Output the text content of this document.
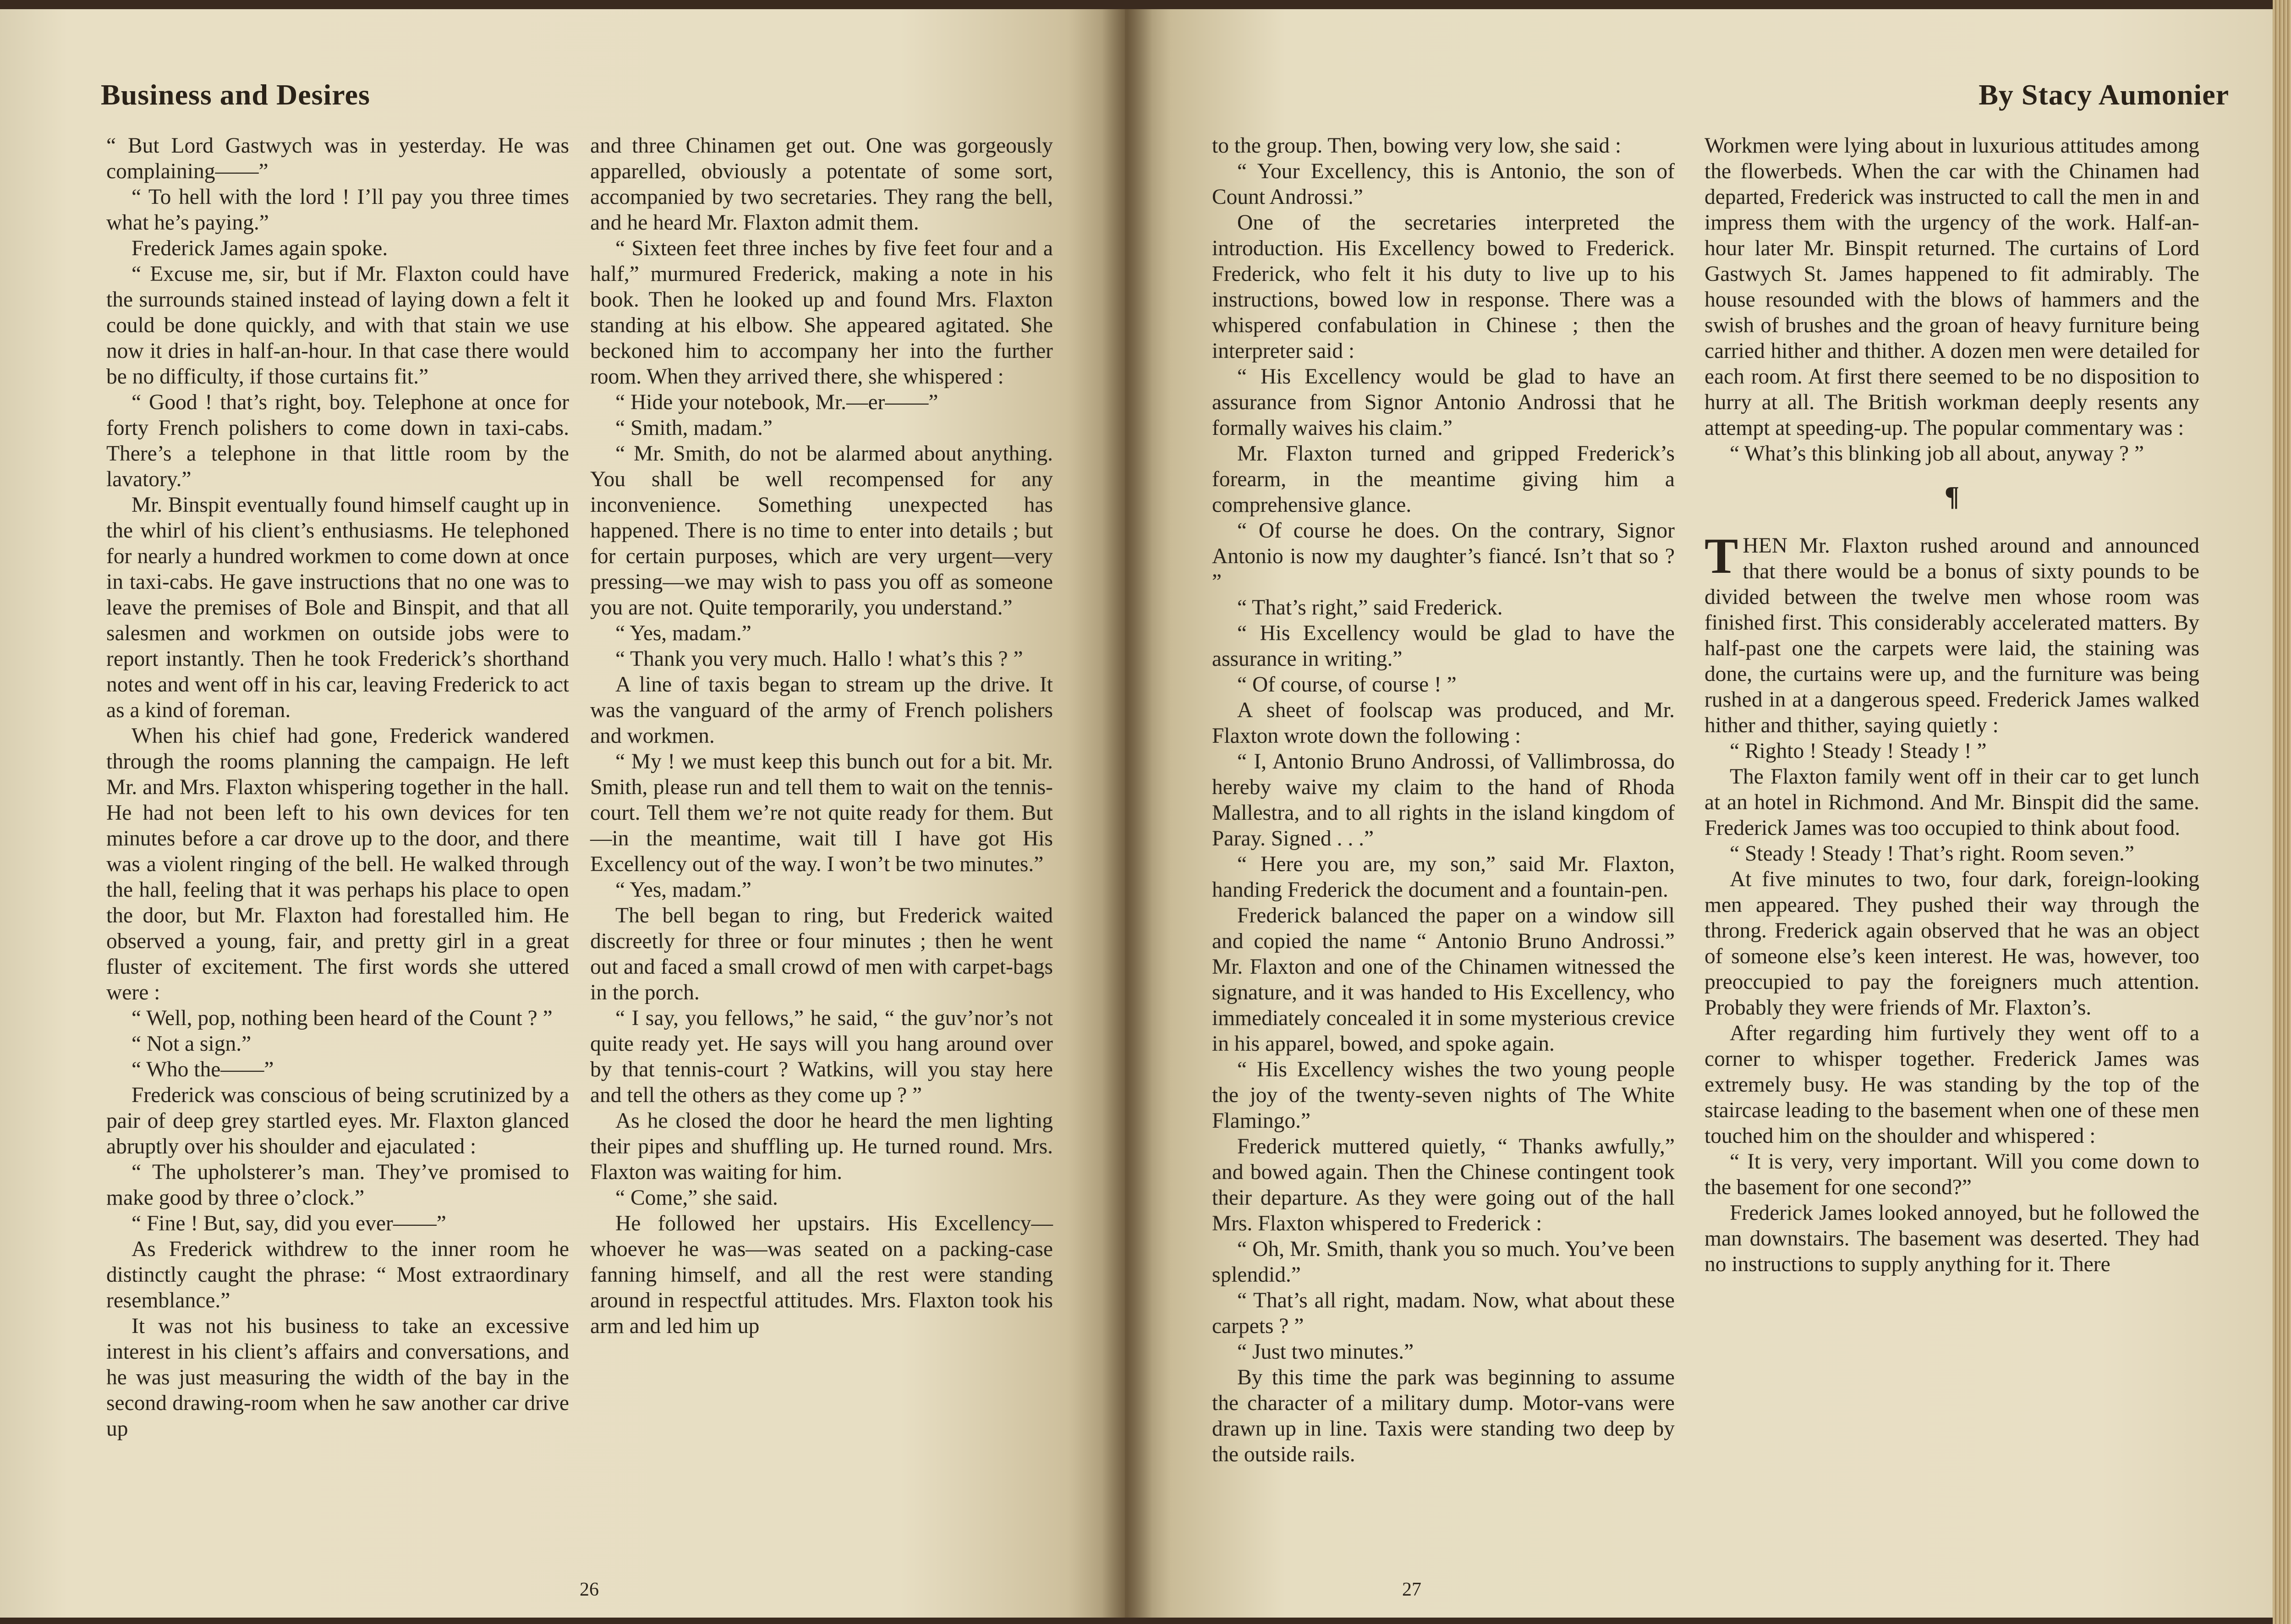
Business and Desires

“ But Lord Gastwych was in yesterday. He was complaining——”

“ To hell with the lord ! I’ll pay you three times what he’s paying.”

Frederick James again spoke.

“ Excuse me, sir, but if Mr. Flaxton could have the surrounds stained instead of laying down a felt it could be done quickly, and with that stain we use now it dries in half-an-hour. In that case there would be no difficulty, if those curtains fit.”

“ Good ! that’s right, boy. Telephone at once for forty French polishers to come down in taxi-cabs. There’s a telephone in that little room by the lavatory.”

Mr. Binspit eventually found himself caught up in the whirl of his client’s enthusiasms. He telephoned for nearly a hundred workmen to come down at once in taxi-cabs. He gave instructions that no one was to leave the premises of Bole and Binspit, and that all salesmen and workmen on outside jobs were to report instantly. Then he took Frederick’s shorthand notes and went off in his car, leaving Frederick to act as a kind of foreman.

When his chief had gone, Frederick wandered through the rooms planning the campaign. He left Mr. and Mrs. Flaxton whispering together in the hall. He had not been left to his own devices for ten minutes before a car drove up to the door, and there was a violent ringing of the bell. He walked through the hall, feeling that it was perhaps his place to open the door, but Mr. Flaxton had forestalled him. He observed a young, fair, and pretty girl in a great fluster of excitement. The first words she uttered were :

“ Well, pop, nothing been heard of the Count ? ”

“ Not a sign.”

“ Who the——”

Frederick was conscious of being scrutinized by a pair of deep grey startled eyes. Mr. Flaxton glanced abruptly over his shoulder and ejaculated :

“ The upholsterer’s man. They’ve promised to make good by three o’clock.”

“ Fine ! But, say, did you ever——”

As Frederick withdrew to the inner room he distinctly caught the phrase: “ Most extraordinary resemblance.”

It was not his business to take an excessive interest in his client’s affairs and conversations, and he was just measuring the width of the bay in the second drawing-room when he saw another car drive up

and three Chinamen get out. One was gorgeously apparelled, obviously a potentate of some sort, accompanied by two secretaries. They rang the bell, and he heard Mr. Flaxton admit them.

“ Sixteen feet three inches by five feet four and a half,” murmured Frederick, making a note in his book. Then he looked up and found Mrs. Flaxton standing at his elbow. She appeared agitated. She beckoned him to accompany her into the further room. When they arrived there, she whispered :

“ Hide your notebook, Mr.—er——”

“ Smith, madam.”

“ Mr. Smith, do not be alarmed about anything. You shall be well recompensed for any inconvenience. Something unexpected has happened. There is no time to enter into details ; but for certain purposes, which are very urgent—very pressing—we may wish to pass you off as someone you are not. Quite temporarily, you understand.”

“ Yes, madam.”

“ Thank you very much. Hallo ! what’s this ? ”

A line of taxis began to stream up the drive. It was the vanguard of the army of French polishers and workmen.

“ My ! we must keep this bunch out for a bit. Mr. Smith, please run and tell them to wait on the tennis-court. Tell them we’re not quite ready for them. But—in the meantime, wait till I have got His Excellency out of the way. I won’t be two minutes.”

“ Yes, madam.”

The bell began to ring, but Frederick waited discreetly for three or four minutes ; then he went out and faced a small crowd of men with carpet-bags in the porch.

“ I say, you fellows,” he said, “ the guv’nor’s not quite ready yet. He says will you hang around over by that tennis-court ? Watkins, will you stay here and tell the others as they come up ? ”

As he closed the door he heard the men lighting their pipes and shuffling up. He turned round. Mrs. Flaxton was waiting for him.

“ Come,” she said.

He followed her upstairs. His Excellency—whoever he was—was seated on a packing-case fanning himself, and all the rest were standing around in respectful attitudes. Mrs. Flaxton took his arm and led him up

26
By Stacy Aumonier

to the group. Then, bowing very low, she said :

“ Your Excellency, this is Antonio, the son of Count Androssi.”

One of the secretaries interpreted the introduction. His Excellency bowed to Frederick. Frederick, who felt it his duty to live up to his instructions, bowed low in response. There was a whispered confabulation in Chinese ; then the interpreter said :

“ His Excellency would be glad to have an assurance from Signor Antonio Androssi that he formally waives his claim.”

Mr. Flaxton turned and gripped Frederick’s forearm, in the meantime giving him a comprehensive glance.

“ Of course he does. On the contrary, Signor Antonio is now my daughter’s fiancé. Isn’t that so ? ”

“ That’s right,” said Frederick.

“ His Excellency would be glad to have the assurance in writing.”

“ Of course, of course ! ”

A sheet of foolscap was produced, and Mr. Flaxton wrote down the following :

“ I, Antonio Bruno Androssi, of Vallimbrossa, do hereby waive my claim to the hand of Rhoda Mallestra, and to all rights in the island kingdom of Paray. Signed . . .”

“ Here you are, my son,” said Mr. Flaxton, handing Frederick the document and a fountain-pen.

Frederick balanced the paper on a window sill and copied the name “ Antonio Bruno Androssi.” Mr. Flaxton and one of the Chinamen witnessed the signature, and it was handed to His Excellency, who immediately concealed it in some mysterious crevice in his apparel, bowed, and spoke again.

“ His Excellency wishes the two young people the joy of the twenty-seven nights of The White Flamingo.”

Frederick muttered quietly, “ Thanks awfully,” and bowed again. Then the Chinese contingent took their departure. As they were going out of the hall Mrs. Flaxton whispered to Frederick :

“ Oh, Mr. Smith, thank you so much. You’ve been splendid.”

“ That’s all right, madam. Now, what about these carpets ? ”

“ Just two minutes.”

By this time the park was beginning to assume the character of a military dump. Motor-vans were drawn up in line. Taxis were standing two deep by the outside rails.

Workmen were lying about in luxurious attitudes among the flowerbeds. When the car with the Chinamen had departed, Frederick was instructed to call the men in and impress them with the urgency of the work. Half-an-hour later Mr. Binspit returned. The curtains of Lord Gastwych St. James happened to fit admirably. The house resounded with the blows of hammers and the swish of brushes and the groan of heavy furniture being carried hither and thither. A dozen men were detailed for each room. At first there seemed to be no disposition to hurry at all. The British workman deeply resents any attempt at speeding-up. The popular commentary was :

“ What’s this blinking job all about, anyway ? ”

¶

THEN Mr. Flaxton rushed around and announced that there would be a bonus of sixty pounds to be divided between the twelve men whose room was finished first. This considerably accelerated matters. By half-past one the carpets were laid, the staining was done, the curtains were up, and the furniture was being rushed in at a dangerous speed. Frederick James walked hither and thither, saying quietly :

“ Righto ! Steady ! Steady ! ”

The Flaxton family went off in their car to get lunch at an hotel in Richmond. And Mr. Binspit did the same. Frederick James was too occupied to think about food.

“ Steady ! Steady ! That’s right. Room seven.”

At five minutes to two, four dark, foreign-looking men appeared. They pushed their way through the throng. Frederick again observed that he was an object of someone else’s keen interest. He was, however, too preoccupied to pay the foreigners much attention. Probably they were friends of Mr. Flaxton’s.

After regarding him furtively they went off to a corner to whisper together. Frederick James was extremely busy. He was standing by the top of the staircase leading to the basement when one of these men touched him on the shoulder and whispered :

“ It is very, very important. Will you come down to the basement for one second?”

Frederick James looked annoyed, but he followed the man downstairs. The basement was deserted. They had no instructions to supply anything for it. There

27
